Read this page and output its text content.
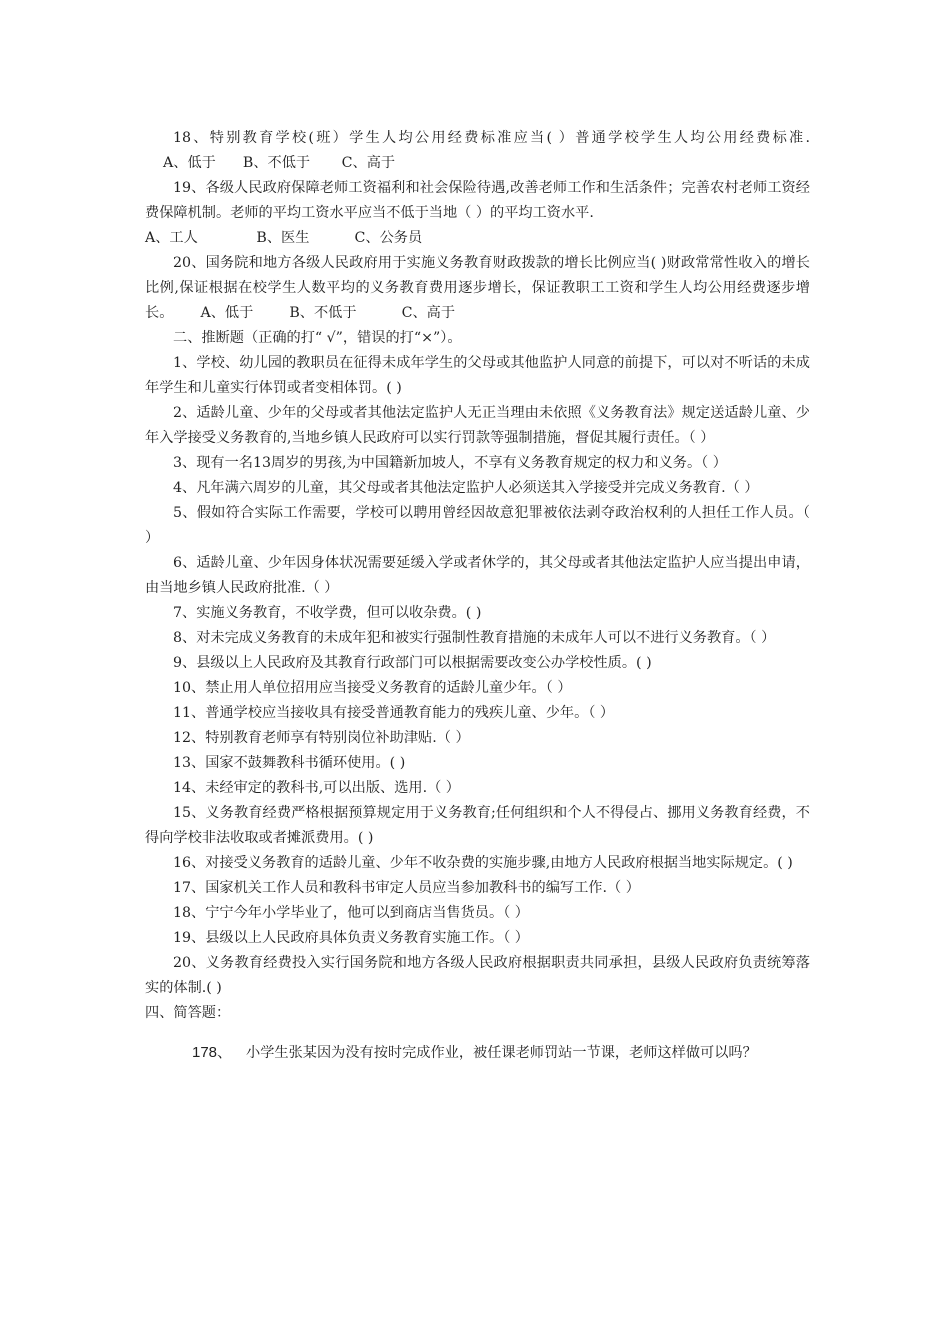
18、特别教育学校(班）学生人均公用经费标准应当( ）普通学校学生人均公用经费标准.    A、低于      B、不低于       C、高于

19、各级人民政府保障老师工资福利和社会保险待遇,改善老师工作和生活条件；完善农村老师工资经费保障机制。老师的平均工资水平应当不低于当地（ ）的平均工资水平.

A、工人             B、医生          C、公务员

20、国务院和地方各级人民政府用于实施义务教育财政拨款的增长比例应当( )财政常常性收入的增长比例,保证根据在校学生人数平均的义务教育费用逐步增长，保证教职工工资和学生人均公用经费逐步增长。      A、低于        B、不低于          C、高于

二、推断题（正确的打“ √”，错误的打“×”）。

1、学校、幼儿园的教职员在征得未成年学生的父母或其他监护人同意的前提下，可以对不听话的未成年学生和儿童实行体罚或者变相体罚。( )

2、适龄儿童、少年的父母或者其他法定监护人无正当理由未依照《义务教育法》规定送适龄儿童、少年入学接受义务教育的,当地乡镇人民政府可以实行罚款等强制措施，督促其履行责任。（ ）

3、现有一名13周岁的男孩,为中国籍新加坡人，不享有义务教育规定的权力和义务。（ ）

4、凡年满六周岁的儿童，其父母或者其他法定监护人必须送其入学接受并完成义务教育.（ ）

5、假如符合实际工作需要，学校可以聘用曾经因故意犯罪被依法剥夺政治权利的人担任工作人员。（ ）

6、适龄儿童、少年因身体状况需要延缓入学或者休学的，其父母或者其他法定监护人应当提出申请，由当地乡镇人民政府批准.（ ）

7、实施义务教育，不收学费，但可以收杂费。( )

8、对未完成义务教育的未成年犯和被实行强制性教育措施的未成年人可以不进行义务教育。（ ）

9、县级以上人民政府及其教育行政部门可以根据需要改变公办学校性质。( )

10、禁止用人单位招用应当接受义务教育的适龄儿童少年。（ ）

11、普通学校应当接收具有接受普通教育能力的残疾儿童、少年。（ ）

12、特别教育老师享有特别岗位补助津贴.（ ）

13、国家不鼓舞教科书循环使用。( )

14、未经审定的教科书,可以出版、选用.（ ）

15、义务教育经费严格根据预算规定用于义务教育;任何组织和个人不得侵占、挪用义务教育经费，不得向学校非法收取或者摊派费用。( )

16、对接受义务教育的适龄儿童、少年不收杂费的实施步骤,由地方人民政府根据当地实际规定。( )

17、国家机关工作人员和教科书审定人员应当参加教科书的编写工作.（ ）

18、宁宁今年小学毕业了，他可以到商店当售货员。（ ）

19、县级以上人民政府具体负责义务教育实施工作。（ ）

20、义务教育经费投入实行国务院和地方各级人民政府根据职责共同承担，县级人民政府负责统筹落实的体制.( )

四、简答题：

178、 小学生张某因为没有按时完成作业，被任课老师罚站一节课，老师这样做可以吗？
